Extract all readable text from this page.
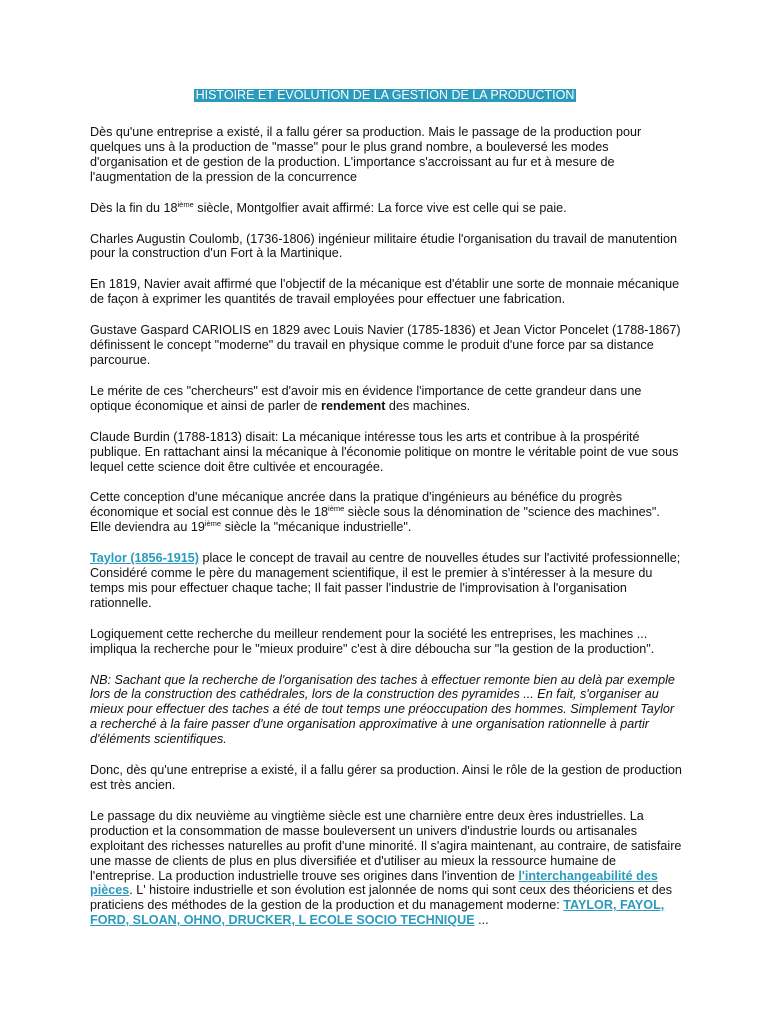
HISTOIRE ET EVOLUTION DE LA GESTION DE LA PRODUCTION

Dès qu'une entreprise a existé, il a fallu gérer sa production. Mais le passage de la production pour quelques uns à la production de "masse" pour le plus grand nombre, a bouleversé les modes d'organisation et de gestion de la production. L'importance s'accroissant au fur et à mesure de l'augmentation de la pression de la concurrence

Dès la fin du 18ième siècle, Montgolfier avait affirmé: La force vive est celle qui se paie.

Charles Augustin Coulomb, (1736-1806) ingénieur militaire étudie l'organisation du travail de manutention pour la construction d'un Fort à la Martinique.

En 1819, Navier avait affirmé que l'objectif de la mécanique est d'établir une sorte de monnaie mécanique de façon à exprimer les quantités de travail employées pour effectuer une fabrication.

Gustave Gaspard CARIOLIS en 1829 avec Louis Navier (1785-1836) et Jean Victor Poncelet (1788-1867) définissent le concept "moderne" du travail en physique comme le produit d'une force par sa distance parcourue.

Le mérite de ces "chercheurs" est d'avoir mis en évidence l'importance de cette grandeur dans une optique économique et ainsi de parler de rendement des machines.

Claude Burdin (1788-1813) disait: La mécanique intéresse tous les arts et contribue à la prospérité publique. En rattachant ainsi la mécanique à l'économie politique on montre le véritable point de vue sous lequel cette science doit être cultivée et encouragée.

Cette conception d'une mécanique ancrée dans la pratique d'ingénieurs au bénéfice du progrès économique et social est connue dès le 18ième siècle sous la dénomination de "science des machines". Elle deviendra au 19ième siècle la "mécanique industrielle".

Taylor (1856-1915) place le concept de travail au centre de nouvelles études sur l'activité professionnelle; Considéré comme le père du management scientifique, il est le premier à s'intéresser à la mesure du temps mis pour effectuer chaque tache; Il fait passer l'industrie de l'improvisation à l'organisation rationnelle.

Logiquement cette recherche du meilleur rendement pour la société les entreprises, les machines ... impliqua la recherche pour le "mieux produire" c'est à dire déboucha sur "la gestion de la production".

NB: Sachant que la recherche de l'organisation des taches à effectuer remonte bien au delà par exemple lors de la construction des cathédrales, lors de la construction des pyramides ... En fait, s'organiser au mieux pour effectuer des taches a été de tout temps une préoccupation des hommes. Simplement Taylor a recherché à la faire passer d'une organisation approximative à une organisation rationnelle à partir d'éléments scientifiques.

Donc, dès qu'une entreprise a existé, il a fallu gérer sa production. Ainsi le rôle de la gestion de production est très ancien.

Le passage du dix neuvième au vingtième siècle est une charnière entre deux ères industrielles. La production et la consommation de masse bouleversent un univers d'industrie lourds ou artisanales exploitant des richesses naturelles au profit d'une minorité. Il s'agira maintenant, au contraire, de satisfaire une masse de clients de plus en plus diversifiée et d'utiliser au mieux la ressource humaine de l'entreprise. La production industrielle trouve ses origines dans l'invention de l'interchangeabilité des pièces. L' histoire industrielle et son évolution est jalonnée de noms qui sont ceux des théoriciens et des praticiens des méthodes de la gestion de la production et du management moderne: TAYLOR, FAYOL, FORD, SLOAN, OHNO, DRUCKER, L ECOLE SOCIO TECHNIQUE ...
